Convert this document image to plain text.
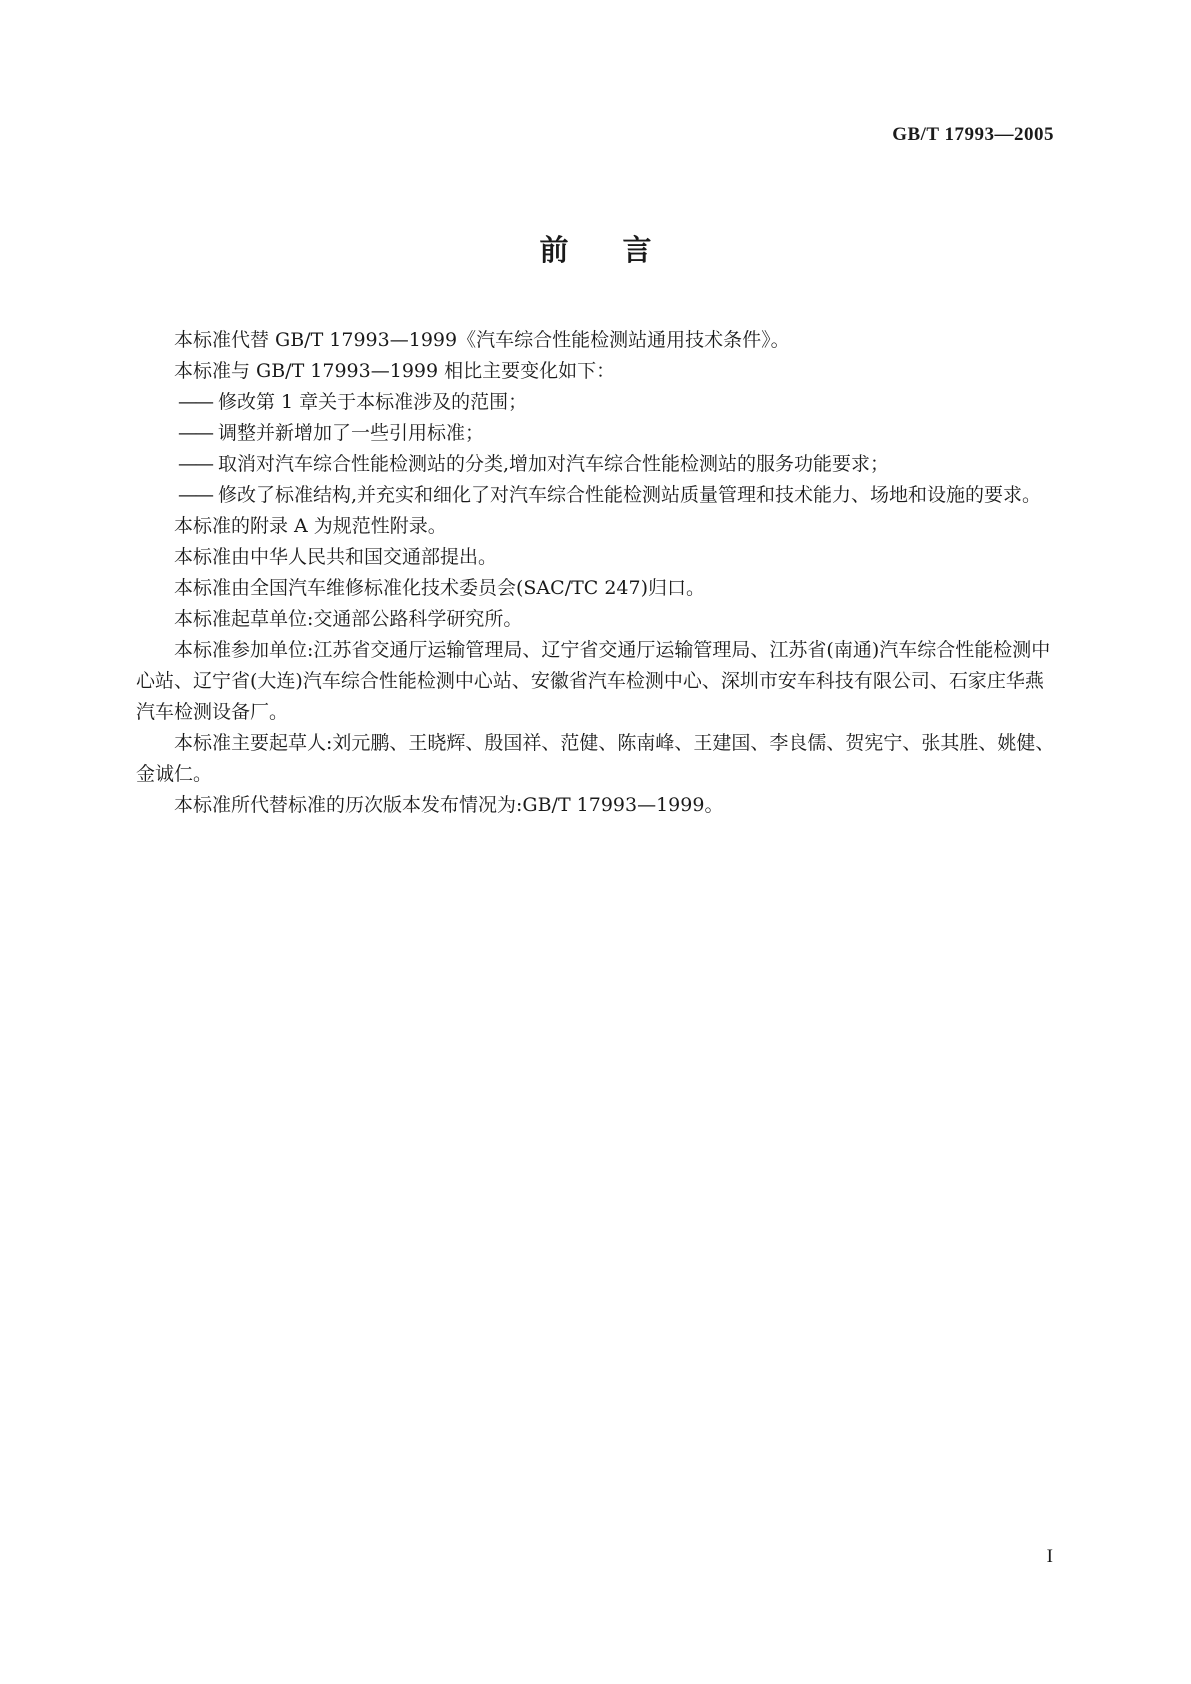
GB/T 17993—2005
前言

本标准代替 GB/T 17993—1999《汽车综合性能检测站通用技术条件》。

本标准与 GB/T 17993—1999 相比主要变化如下：

—— 修改第 1 章关于本标准涉及的范围；

—— 调整并新增加了一些引用标准；

—— 取消对汽车综合性能检测站的分类,增加对汽车综合性能检测站的服务功能要求；

—— 修改了标准结构,并充实和细化了对汽车综合性能检测站质量管理和技术能力、场地和设施的要求。

本标准的附录 A 为规范性附录。

本标准由中华人民共和国交通部提出。

本标准由全国汽车维修标准化技术委员会(SAC/TC 247)归口。

本标准起草单位:交通部公路科学研究所。

本标准参加单位:江苏省交通厅运输管理局、辽宁省交通厅运输管理局、江苏省(南通)汽车综合性能检测中心站、辽宁省(大连)汽车综合性能检测中心站、安徽省汽车检测中心、深圳市安车科技有限公司、石家庄华燕汽车检测设备厂。

本标准主要起草人:刘元鹏、王晓辉、殷国祥、范健、陈南峰、王建国、李良儒、贺宪宁、张其胜、姚健、金诚仁。

本标准所代替标准的历次版本发布情况为:GB/T 17993—1999。

I
